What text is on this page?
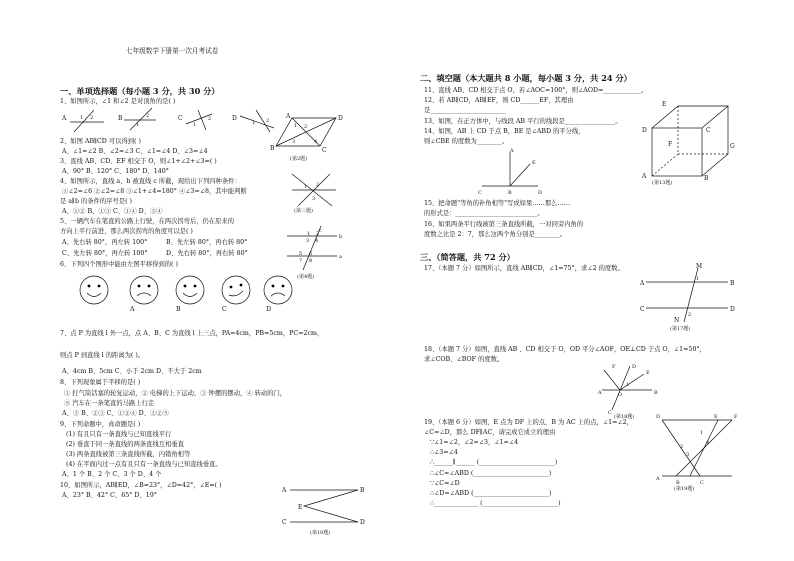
七年级数学下册第一次月考试卷
一、单项选择题（每小题 3 分，共 30 分）
1、如图所示，∠1 和∠2 是对顶角的是( )
A	1 2	B
1
2	C
1
2	D
1 2
A	D
B	C
1 2
3	4
(第2题)
2、如图 AB∥CD 可以得到( )
A、∠1=∠2 B、∠2=∠3 C、∠1=∠4 D、∠3=∠4
3、直线 AB、CD、EF 相交于 O，则∠1+∠2+∠3=( )
A、90° B、120° C、180° D、140°
1 2
3
(第三题)
4、如图所示，直线 a、b 被直线 c 所截，现给出下列四种条件：
①∠2=∠6 ②∠2=∠8 ③∠1+∠4=180° ④∠3=∠8，其中能判断
是 a∥b 的条件的序号是( )
A、①② B、①③ C、①④ D、③④
5、一辆汽车在笔直的公路上行驶，在两次拐弯后，仍在原来的
方向上平行前进，那么两次拐弯的角度可以是( )
A、先右转 80°，再左转 100°	B、先左转 80°，再右转 80°
C、先左转 80°，再左转 100°	D、先右转 80°，再右转 80°
b
a
c
1 2
3 4
5 6
7 8
(第4题)
6、下列四个图形中能由左图平移得到的( )
A	B	C	D
7、点 P 为直线 l 外一点，点 A、B、C 为直线 l 上三点，PA=4cm，PB=5cm，PC=2cm，
则点 P 到直线 l 的距离为( )。
A、4cm B、5cm C、小于 2cm D、不大于 2cm
8、下列现象属于平移的是( )
① 打气筒活塞的轮复运动，② 电梯的上下运动，③ 钟摆的摆动，④ 转动的门，
⑤ 汽车在一条笔直的马路上行走
A、③ B、②③ C、①②④ D、①②⑤
9、下列命题中，真命题是( )
(1) 有且只有一条直线与已知直线平行
(2) 垂直于同一条直线的两条直线互相垂直
(3) 两条直线被第三条直线所截，内错角相等
(4) 在平面内过一点有且只有一条直线与已知直线垂直。
A、1 个 B、2 个 C、3 个 D、4 个
10、如图所示，AB∥ED，∠B=23°，∠D=42°，∠E=( )
A、23° B、42° C、65° D、19°
A	B
C	D
E
(第10题)
二、填空题（本大题共 8 小题，每小题 3 分，共 24 分）
11、直线 AB、CD 相交于点 O，若∠AOC=100°，则∠AOD=____________。
12、若 AB∥CD，AB∥EF，则 CD______EF，其理由
是________________________
13、如图，在正方体中，与线段 AB 平行的线段是________________。
14、如图，AB 上 CD 于点 B，BE 是∠ABD 的平分线，
则∠CBE 的度数为________。
E
D	C
F	G
A	B
(第13题)
A
E
C	B	D
15、把命题"等角的补角相等"写成如果……那么……
的形式是：__________________________。
16、如果两条平行线被第三条直线所截，一对同旁内角的
度数之比是 2：7，那么这两个角分别是________。
三、（简答题，共 72 分）
17、（本题 7 分）如图所示，直线 AB∥CD，∠1=75°，求∠2 的度数。
A	B
C	D
M
N
1
2
(第17题)
18、（本题 7 分）如图，直线 AB 、CD 相交于 O，OD 平分∠AOF，OE⊥CD 于点 O，∠1=50°，
求∠COB、∠BOF 的度数。
D
F
E
A	B
O
C
1
(第18题)
19、（本题 6 分）如图，E 点为 DF 上的点，B 为 AC 上的点，∠1=∠2，
∠C=∠D，那么 DF∥AC，请完成它成立的理由
∵∠1=∠2，∠2=∠3，∠1=∠4
∴∠3=∠4
∴______∥______ (________________________)
∴∠C=∠ABD (________________________)
∵∠C=∠D
∴∠D=∠ABD (________________________)
∴______________ (________________________)
D	E	F
A
B	C
1
4
3
2
(第19题)
